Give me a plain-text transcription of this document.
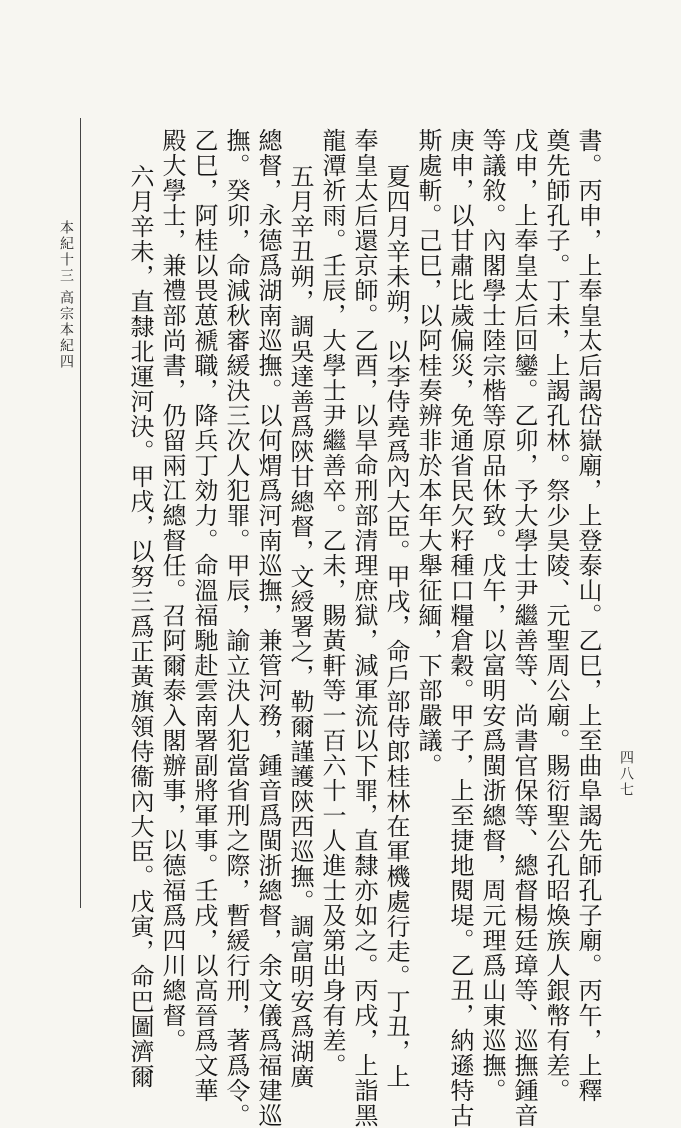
本紀十三
高宗本紀四
四八七
書。丙申，上奉皇太后謁岱嶽廟，上登泰山。乙巳，上至曲阜謁先師孔子廟。丙午，上釋
奠先師孔子。丁未，上謁孔林。祭少昊陵、元聖周公廟。賜衍聖公孔昭煥族人銀幣有差。
戊申，上奉皇太后回鑾。乙卯，予大學士尹繼善等、尚書官保等、總督楊廷璋等、巡撫鍾音
等議敘。內閣學士陸宗楷等原品休致。戊午，以富明安爲閩浙總督，周元理爲山東巡撫。
庚申，以甘肅比歲偏災，免通省民欠籽種口糧倉穀。甲子，上至捷地閱堤。乙丑，納遜特古
斯處斬。己巳，以阿桂奏辨非於本年大舉征緬，下部嚴議。
夏四月辛未朔，以李侍堯爲內大臣。甲戌，命戶部侍郎桂林在軍機處行走。丁丑，上
奉皇太后還京師。乙酉，以旱命刑部清理庶獄，減軍流以下罪，直隸亦如之。丙戌，上詣黑
龍潭祈雨。壬辰，大學士尹繼善卒。乙未，賜黃軒等一百六十一人進士及第出身有差。
五月辛丑朔，調吳達善爲陝甘總督，文綬署之，勒爾謹護陝西巡撫。調富明安爲湖廣
總督，永德爲湖南巡撫。以何煟爲河南巡撫，兼管河務，鍾音爲閩浙總督，余文儀爲福建巡
撫。癸卯，命減秋審緩決三次人犯罪。甲辰，諭立決人犯當省刑之際，暫緩行刑，著爲令。
乙巳，阿桂以畏葸褫職，降兵丁効力。命溫福馳赴雲南署副將軍事。壬戌，以高晉爲文華
殿大學士，兼禮部尚書，仍留兩江總督任。召阿爾泰入閣辦事，以德福爲四川總督。
六月辛未，直隸北運河決。甲戌，以努三爲正黃旗領侍衞內大臣。戊寅，命巴圖濟爾
